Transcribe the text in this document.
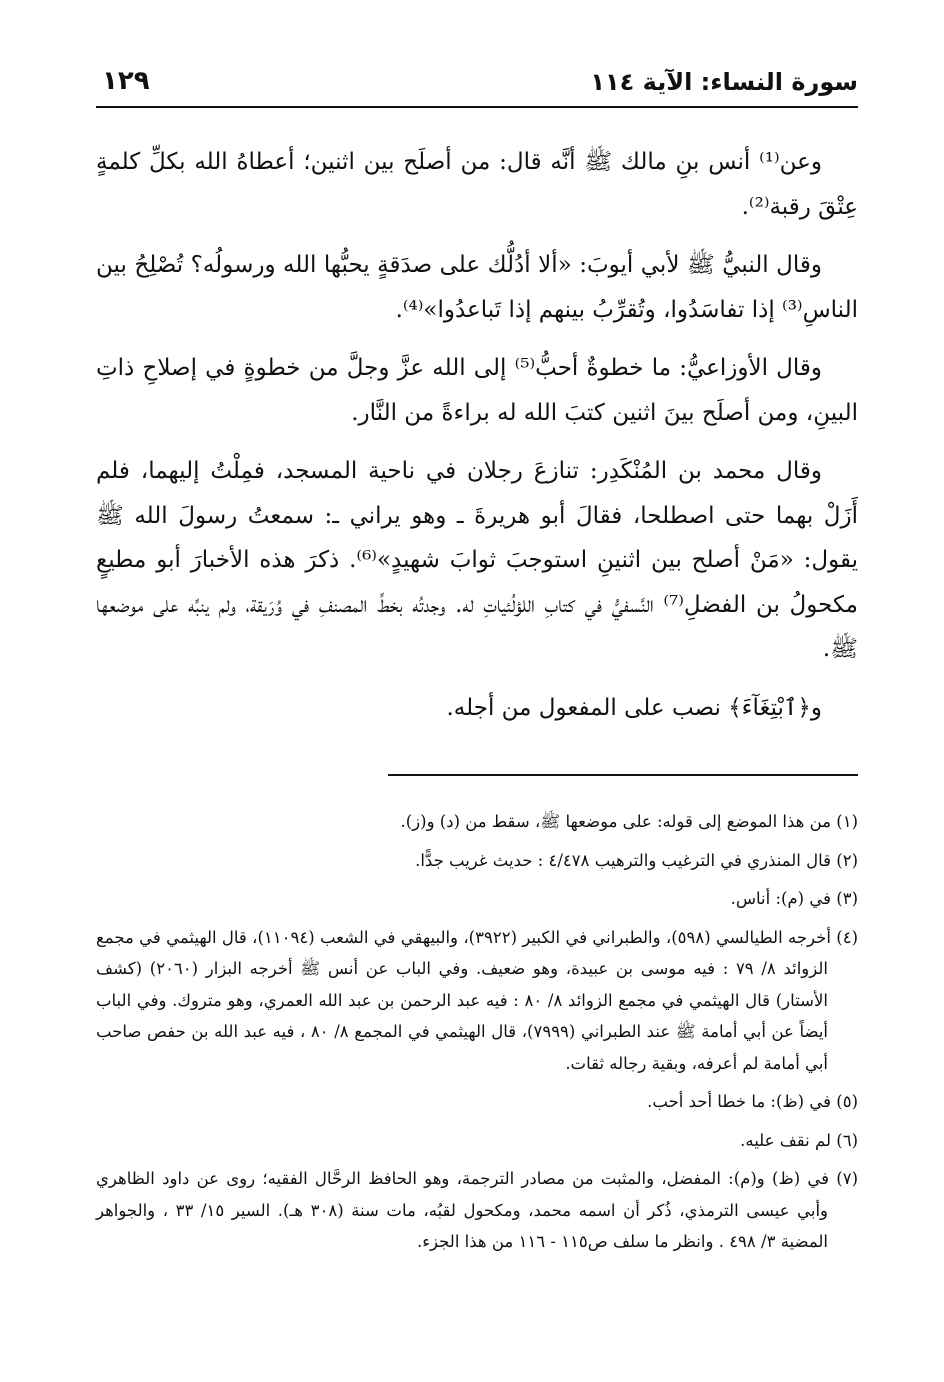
سورة النساء: الآية ١١٤
١٢٩

وعن⁽¹⁾ أنس بنِ مالك ﷺ أنَّه قال: من أصلَح بين اثنين؛ أعطاهُ الله بكلِّ كلمةٍ عِتْقَ رقبة⁽²⁾.

وقال النبيُّ ﷺ لأبي أيوبَ: «ألا أدُلُّك على صدَقةٍ يحبُّها الله ورسولُه؟ تُصْلِحُ بين الناسِ⁽³⁾ إذا تفاسَدُوا، وتُقرِّبُ بينهم إذا تَباعدُوا»⁽⁴⁾.

وقال الأوزاعيُّ: ما خطوةٌ أحبُّ⁽⁵⁾ إلى الله عزَّ وجلَّ من خطوةٍ في إصلاحِ ذاتِ البينِ، ومن أصلَح بينَ اثنين كتبَ الله له براءةً من النَّار.

وقال محمد بن المُنْكَدِر: تنازعَ رجلان في ناحية المسجد، فمِلْتُ إليهما، فلم أَزَلْ بهما حتى اصطلحا، فقالَ أبو هريرةَ ـ وهو يراني ـ: سمعتُ رسولَ الله ﷺ يقول: «مَنْ أصلح بين اثنينِ استوجبَ ثوابَ شهيدٍ»⁽⁶⁾. ذكرَ هذه الأخبارَ أبو مطيعٍ مكحولُ بن الفضلِ⁽⁷⁾ النَّسفيُّ في كتابِ اللؤلُئياتِ له. وجدتُه بخطِّ المصنفِ في وُرَيقة، ولم ينبِّه على موضعها ﷺ.

و﴿ٱبْتِغَآءَ﴾ نصب على المفعول من أجله.

(١) من هذا الموضع إلى قوله: على موضعها ﷺ، سقط من (د) و(ز).
(٢) قال المنذري في الترغيب والترهيب ٤/٤٧٨ : حديث غريب جدًّا.
(٣) في (م): أناس.
(٤) أخرجه الطيالسي (٥٩٨)، والطبراني في الكبير (٣٩٢٢)، والبيهقي في الشعب (١١٠٩٤)، قال الهيثمي في مجمع الزوائد ٨/ ٧٩ : فيه موسى بن عبيدة، وهو ضعيف. وفي الباب عن أنس ﷺ أخرجه البزار (٢٠٦٠) (كشف الأستار) قال الهيثمي في مجمع الزوائد ٨/ ٨٠ : فيه عبد الرحمن بن عبد الله العمري، وهو متروك. وفي الباب أيضاً عن أبي أمامة ﷺ عند الطبراني (٧٩٩٩)، قال الهيثمي في المجمع ٨/ ٨٠ ، فيه عبد الله بن حفص صاحب أبي أمامة لم أعرفه، وبقية رجاله ثقات.
(٥) في (ظ): ما خطا أحد أحب.
(٦) لم نقف عليه.
(٧) في (ظ) و(م): المفضل، والمثبت من مصادر الترجمة، وهو الحافظ الرحَّال الفقيه؛ روى عن داود الظاهري وأبي عيسى الترمذي، ذُكر أن اسمه محمد، ومكحول لقبُه، مات سنة (٣٠٨ هـ). السير ١٥/ ٣٣ ، والجواهر المضية ٣/ ٤٩٨ . وانظر ما سلف ص١١٥ - ١١٦ من هذا الجزء.
